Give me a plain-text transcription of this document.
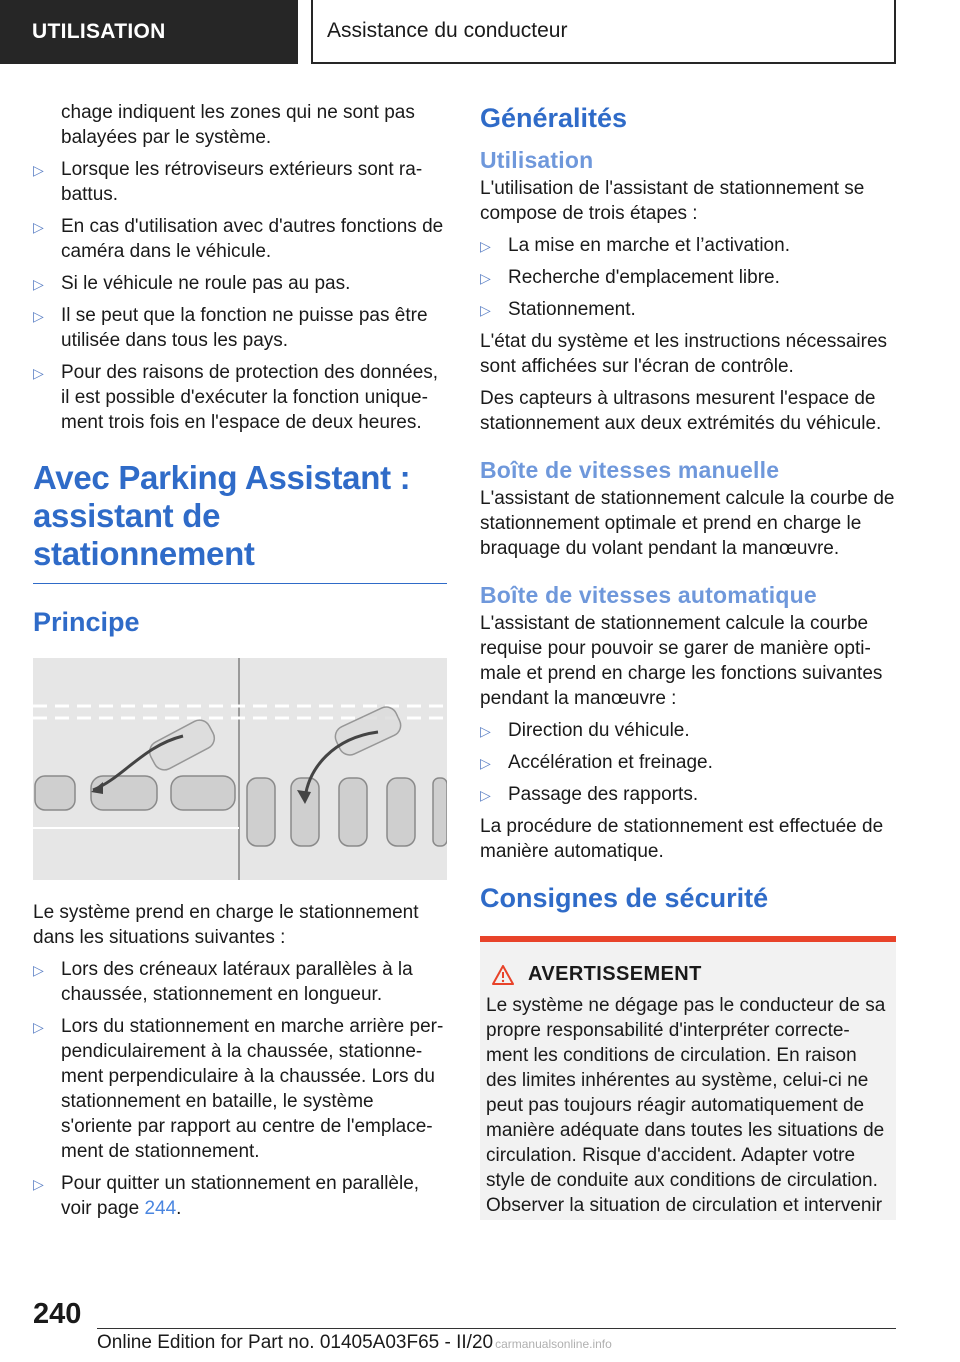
UTILISATION	Assistance du conducteur
chage indiquent les zones qui ne sont pas balayées par le système.
▷ Lorsque les rétroviseurs extérieurs sont ra-battus.
▷ En cas d'utilisation avec d'autres fonctions de caméra dans le véhicule.
▷ Si le véhicule ne roule pas au pas.
▷ Il se peut que la fonction ne puisse pas être utilisée dans tous les pays.
▷ Pour des raisons de protection des données, il est possible d'exécuter la fonction unique-ment trois fois en l'espace de deux heures.
Avec Parking Assistant : assistant de stationnement
Principe

Le système prend en charge le stationnement dans les situations suivantes :

▷ Lors des créneaux latéraux parallèles à la chaussée, stationnement en longueur.
▷ Lors du stationnement en marche arrière per-pendiculairement à la chaussée, stationne-ment perpendiculaire à la chaussée. Lors du stationnement en bataille, le système s'oriente par rapport au centre de l'emplace-ment de stationnement.
▷ Pour quitter un stationnement en parallèle, voir page 244.
Généralités
Utilisation

L'utilisation de l'assistant de stationnement se compose de trois étapes :

▷ La mise en marche et l’activation.
▷ Recherche d'emplacement libre.
▷ Stationnement.

L'état du système et les instructions nécessaires sont affichées sur l'écran de contrôle.

Des capteurs à ultrasons mesurent l'espace de stationnement aux deux extrémités du véhicule.

Boîte de vitesses manuelle

L'assistant de stationnement calcule la courbe de stationnement optimale et prend en charge le braquage du volant pendant la manœuvre.

Boîte de vitesses automatique

L'assistant de stationnement calcule la courbe requise pour pouvoir se garer de manière opti-male et prend en charge les fonctions suivantes pendant la manœuvre :

▷ Direction du véhicule.
▷ Accélération et freinage.
▷ Passage des rapports.

La procédure de stationnement est effectuée de manière automatique.

Consignes de sécurité
AVERTISSEMENT

Le système ne dégage pas le conducteur de sa propre responsabilité d'interpréter correcte-ment les conditions de circulation. En raison des limites inhérentes au système, celui-ci ne peut pas toujours réagir automatiquement de manière adéquate dans toutes les situations de circulation. Risque d'accident. Adapter votre style de conduite aux conditions de circulation. Observer la situation de circulation et intervenir

240
Online Edition for Part no. 01405A03F65 - II/20 carmanualsonline.info
